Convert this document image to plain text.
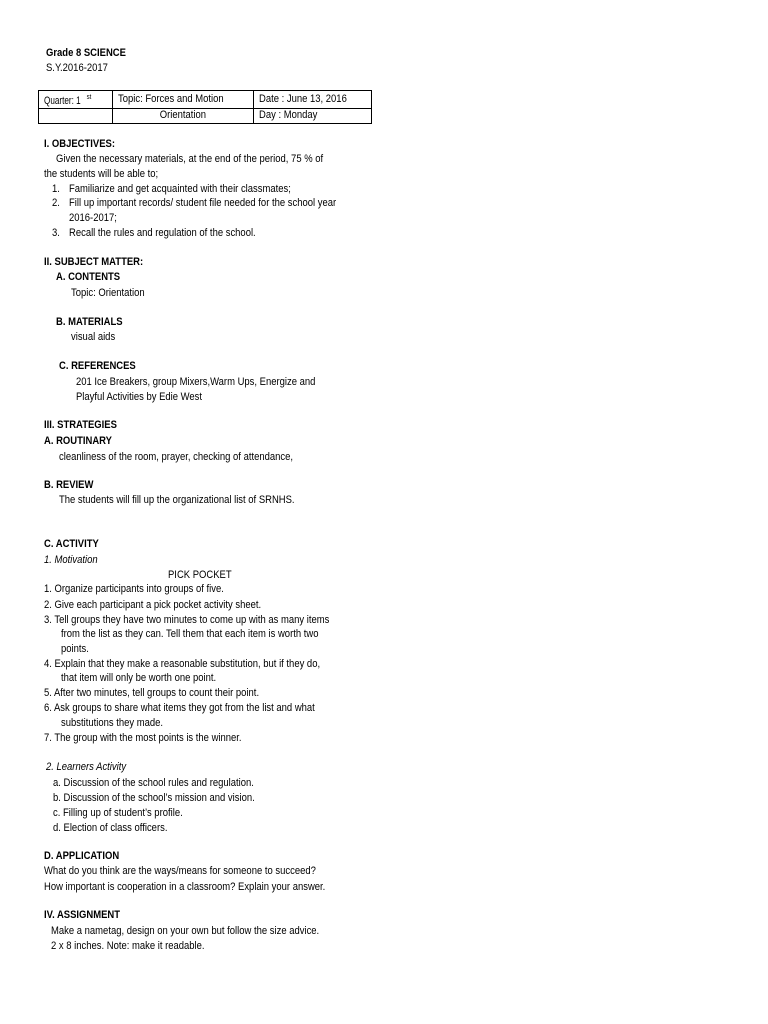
Grade 8 SCIENCE
S.Y.2016-2017
Quarter: 1 $^{st}$	Topic: Forces and Motion	Date : June 13, 2016
	Orientation	Day : Monday
I. OBJECTIVES:
Given the necessary materials, at the end of the period, 75 % of
the students will be able to;
1. Familiarize and get acquainted with their classmates;
2. Fill up important records/ student file needed for the school year
2016-2017;
3. Recall the rules and regulation of the school.
II. SUBJECT MATTER:
A. CONTENTS
Topic: Orientation
B. MATERIALS
visual aids
C. REFERENCES
201 Ice Breakers, group Mixers,Warm Ups, Energize and
Playful Activities by Edie West
III. STRATEGIES
A. ROUTINARY
cleanliness of the room, prayer, checking of attendance,
B. REVIEW
The students will fill up the organizational list of SRNHS.
C. ACTIVITY
1. Motivation
PICK POCKET
1. Organize participants into groups of five.
2. Give each participant a pick pocket activity sheet.
3. Tell groups they have two minutes to come up with as many items
from the list as they can. Tell them that each item is worth two
points.
4. Explain that they make a reasonable substitution, but if they do,
that item will only be worth one point.
5. After two minutes, tell groups to count their point.
6. Ask groups to share what items they got from the list and what
substitutions they made.
7. The group with the most points is the winner.
2. Learners Activity
a. Discussion of the school rules and regulation.
b. Discussion of the school’s mission and vision.
c. Filling up of student’s profile.
d. Election of class officers.
D. APPLICATION
What do you think are the ways/means for someone to succeed?
How important is cooperation in a classroom? Explain your answer.
IV. ASSIGNMENT
Make a nametag, design on your own but follow the size advice.
2 x 8 inches. Note: make it readable.
